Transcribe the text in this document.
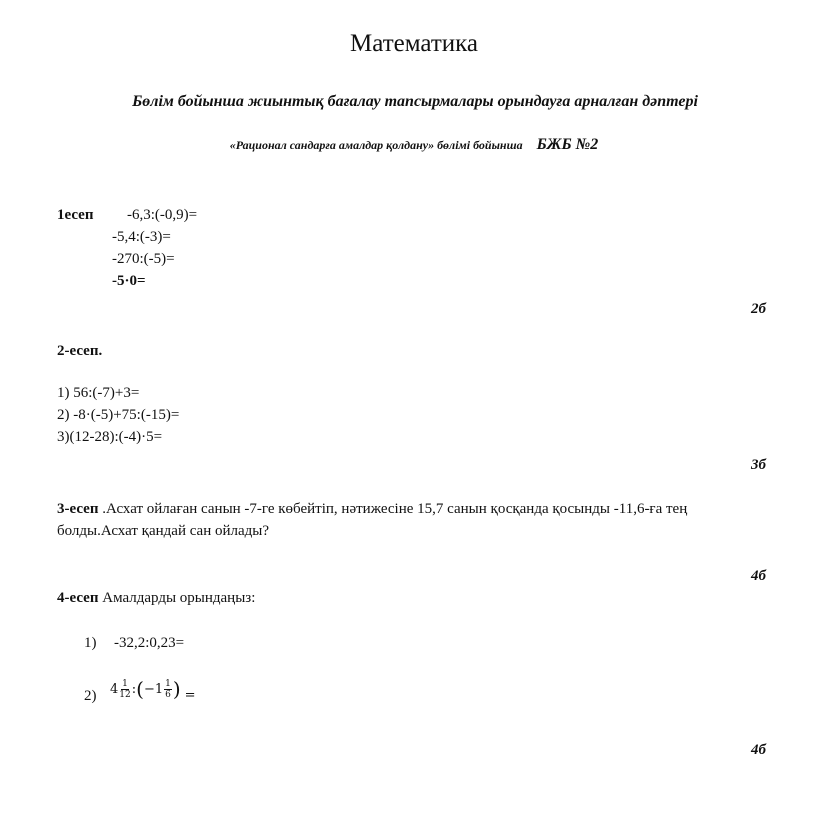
Математика
Бөлім бойынша жиынтық бағалау тапсырмалары орындауға арналған дәптері
«Рационал сандарға амалдар қолдану» бөлімі бойынша БЖБ №2
1есеп -6,3:(-0,9)=
-5,4:(-3)=
-270:(-5)=
-5·0=
2б
2-есеп.
1) 56:(-7)+3=
2) -8·(-5)+75:(-15)=
3)(12-28):(-4)·5=
3б
3-есеп .Асхат ойлаған санын -7-ге көбейтіп, нәтижесіне 15,7 санын қосқанда қосынды -11,6-ға тең болды.Асхат қандай сан ойлады?
4б
4-есеп Амалдарды орындаңыз:
1) -32,2:0,23=
2) $4 \frac{1}{12}$ : ( $-1 \frac{1}{6}$ ) =
4б
